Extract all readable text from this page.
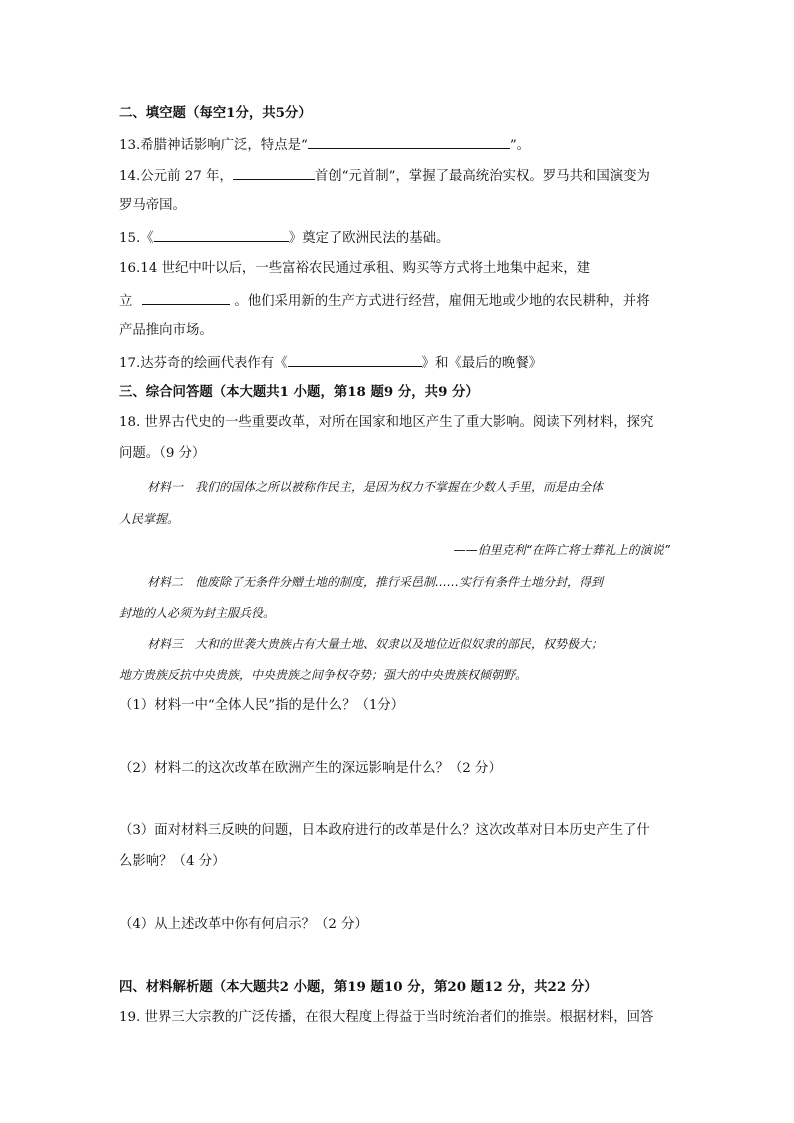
二、填空题（每空1分，共5分）
13.希腊神话影响广泛，特点是“	”。
14.公元前 27 年，	首创“元首制”，掌握了最高统治实权。罗马共和国演变为
罗马帝国。
15.《	》奠定了欧洲民法的基础。
16.14 世纪中叶以后，一些富裕农民通过承租、购买等方式将土地集中起来，建
立	。他们采用新的生产方式进行经营，雇佣无地或少地的农民耕种，并将
产品推向市场。
17.达芬奇的绘画代表作有《	》和《最后的晚餐》
三、综合问答题（本大题共1 小题，第18 题9 分，共9 分）
18. 世界古代史的一些重要改革，对所在国家和地区产生了重大影响。阅读下列材料，探究
问题。（9 分）
材料一　我们的国体之所以被称作民主，是因为权力不掌握在少数人手里，而是由全体
人民掌握。
——伯里克利“在阵亡将士葬礼上的演说”
材料二　他废除了无条件分赠土地的制度，推行采邑制……实行有条件土地分封，得到
封地的人必须为封主服兵役。
材料三　大和的世袭大贵族占有大量土地、奴隶以及地位近似奴隶的部民，权势极大；
地方贵族反抗中央贵族，中央贵族之间争权夺势；强大的中央贵族权倾朝野。
（1）材料一中“全体人民”指的是什么？（1分）
（2）材料二的这次改革在欧洲产生的深远影响是什么？（2 分）
（3）面对材料三反映的问题，日本政府进行的改革是什么？这次改革对日本历史产生了什
么影响？（4 分）
（4）从上述改革中你有何启示？（2 分）
四、材料解析题（本大题共2 小题，第19 题10 分，第20 题12 分，共22 分）
19. 世界三大宗教的广泛传播，在很大程度上得益于当时统治者们的推崇。根据材料，回答
